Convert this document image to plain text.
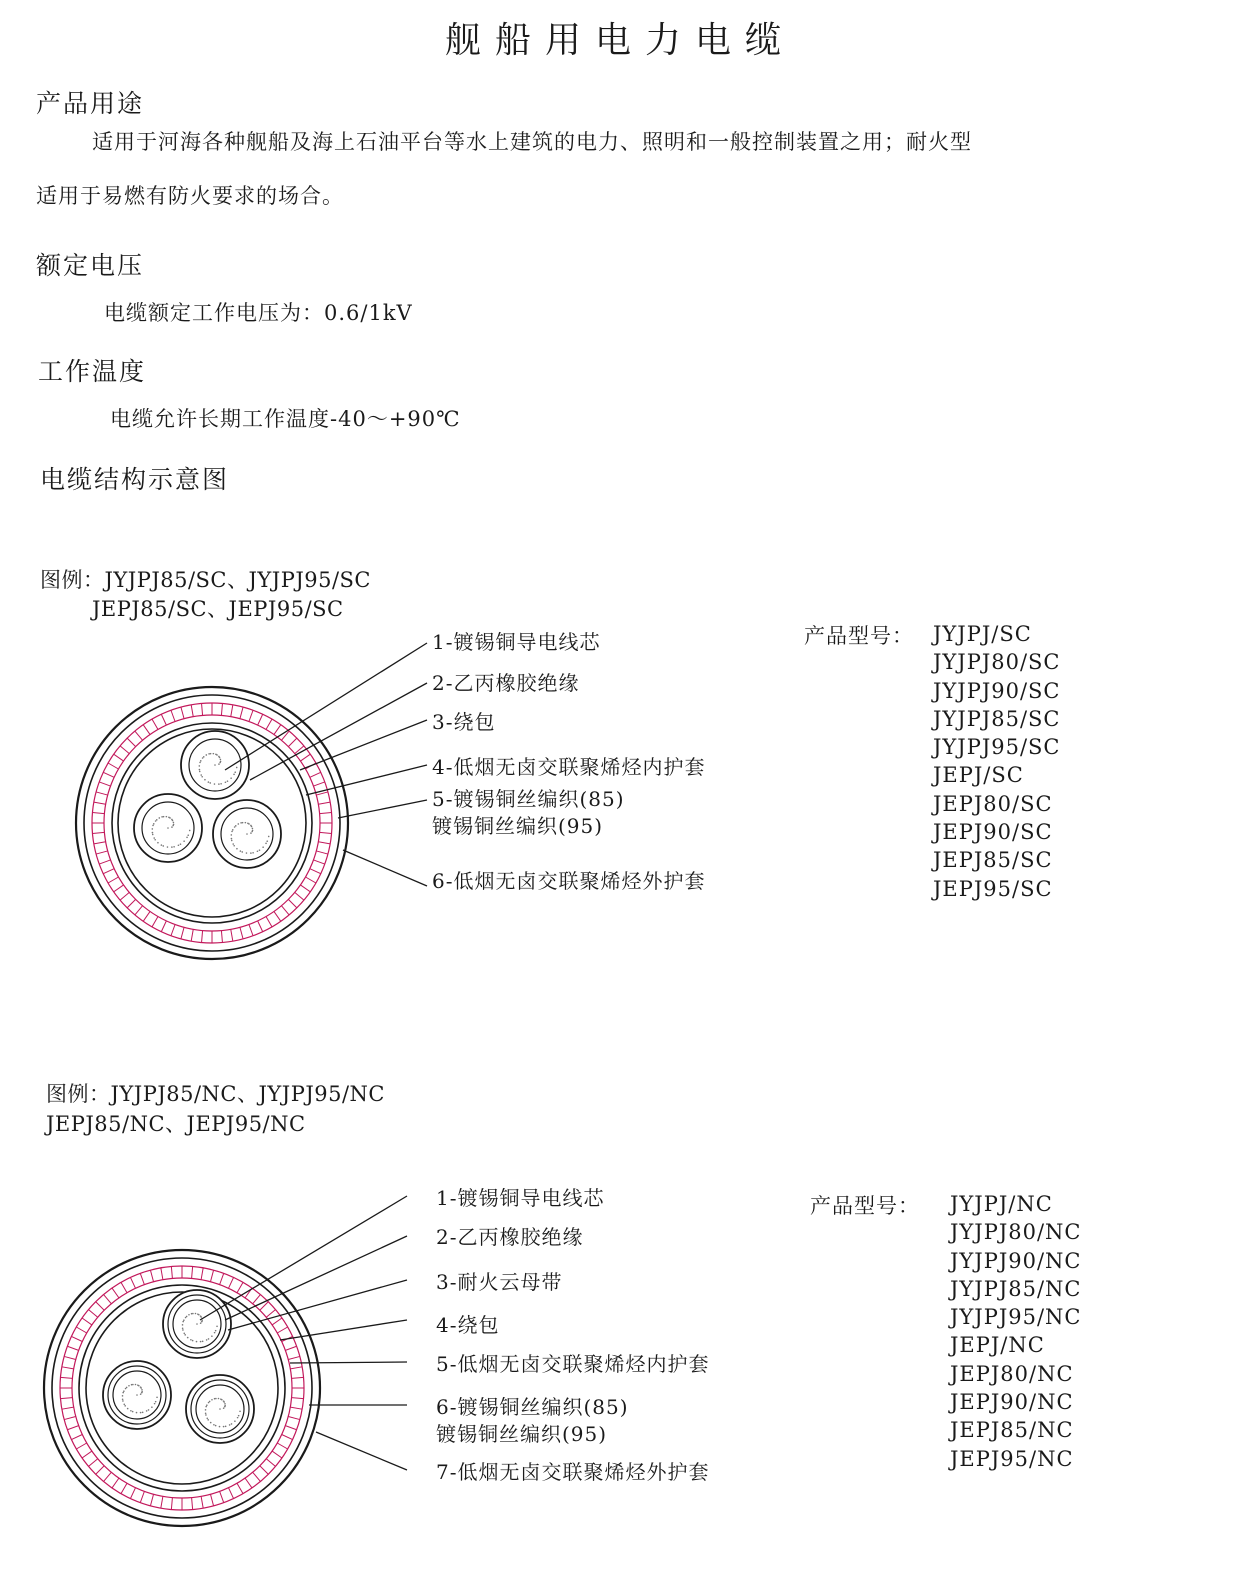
舰船用电力电缆
产品用途
适用于河海各种舰船及海上石油平台等水上建筑的电力、照明和一般控制装置之用；耐火型
适用于易燃有防火要求的场合。
额定电压
电缆额定工作电压为：0.6/1kV
工作温度
电缆允许长期工作温度-40～+90℃
电缆结构示意图
图例：JYJPJ85/SC、JYJPJ95/SC
JEPJ85/SC、JEPJ95/SC
1-镀锡铜导电线芯
2-乙丙橡胶绝缘
3-绕包
4-低烟无卤交联聚烯烃内护套
5-镀锡铜丝编织(85)
镀锡铜丝编织(95)
6-低烟无卤交联聚烯烃外护套
产品型号： JYJPJ/SC
JYJPJ80/SC
JYJPJ90/SC
JYJPJ85/SC
JYJPJ95/SC
JEPJ/SC
JEPJ80/SC
JEPJ90/SC
JEPJ85/SC
JEPJ95/SC
图例：JYJPJ85/NC、JYJPJ95/NC
JEPJ85/NC、JEPJ95/NC
1-镀锡铜导电线芯
2-乙丙橡胶绝缘
3-耐火云母带
4-绕包
5-低烟无卤交联聚烯烃内护套
6-镀锡铜丝编织(85)
镀锡铜丝编织(95)
7-低烟无卤交联聚烯烃外护套
产品型号： JYJPJ/NC
JYJPJ80/NC
JYJPJ90/NC
JYJPJ85/NC
JYJPJ95/NC
JEPJ/NC
JEPJ80/NC
JEPJ90/NC
JEPJ85/NC
JEPJ95/NC
